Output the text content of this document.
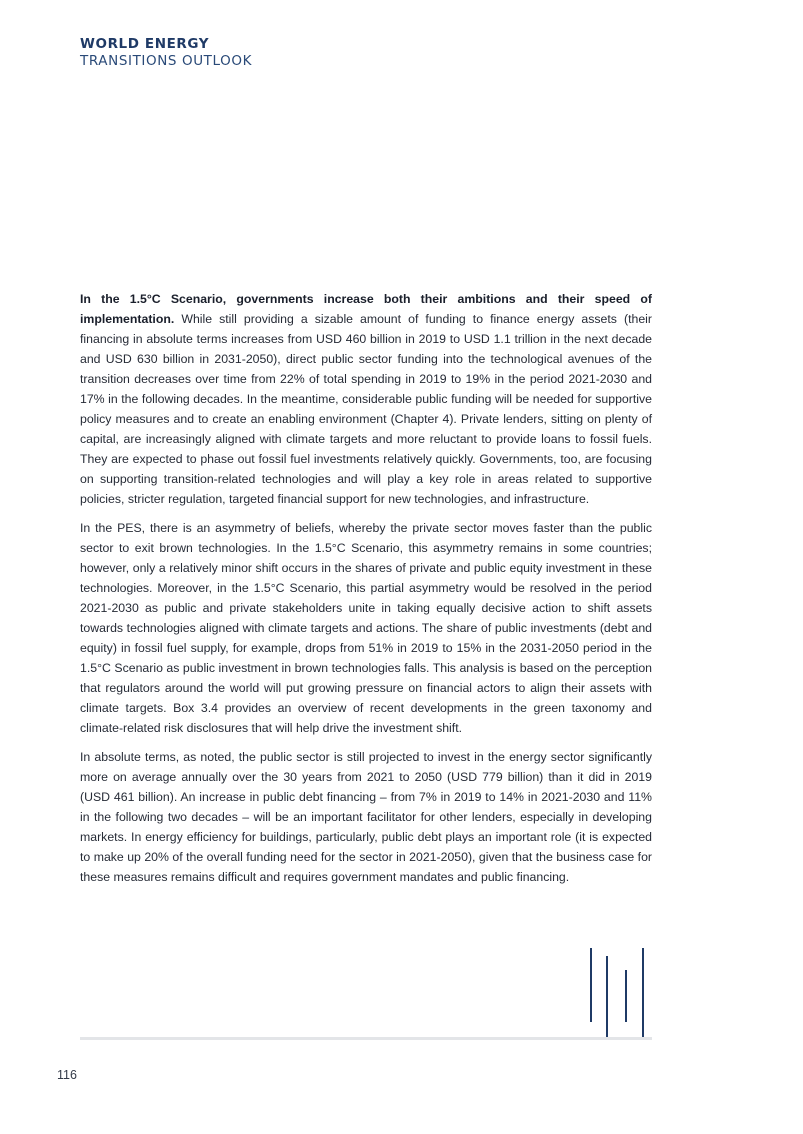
WORLD ENERGY
TRANSITIONS OUTLOOK

In the 1.5°C Scenario, governments increase both their ambitions and their speed of implementation. While still providing a sizable amount of funding to finance energy assets (their financing in absolute terms increases from USD 460 billion in 2019 to USD 1.1 trillion in the next decade and USD 630 billion in 2031-2050), direct public sector funding into the technological avenues of the transition decreases over time from 22% of total spending in 2019 to 19% in the period 2021-2030 and 17% in the following decades. In the meantime, considerable public funding will be needed for supportive policy measures and to create an enabling environment (Chapter 4). Private lenders, sitting on plenty of capital, are increasingly aligned with climate targets and more reluctant to provide loans to fossil fuels. They are expected to phase out fossil fuel investments relatively quickly. Governments, too, are focusing on supporting transition-related technologies and will play a key role in areas related to supportive policies, stricter regulation, targeted financial support for new technologies, and infrastructure.

In the PES, there is an asymmetry of beliefs, whereby the private sector moves faster than the public sector to exit brown technologies. In the 1.5°C Scenario, this asymmetry remains in some countries; however, only a relatively minor shift occurs in the shares of private and public equity investment in these technologies. Moreover, in the 1.5°C Scenario, this partial asymmetry would be resolved in the period 2021-2030 as public and private stakeholders unite in taking equally decisive action to shift assets towards technologies aligned with climate targets and actions. The share of public investments (debt and equity) in fossil fuel supply, for example, drops from 51% in 2019 to 15% in the 2031-2050 period in the 1.5°C Scenario as public investment in brown technologies falls. This analysis is based on the perception that regulators around the world will put growing pressure on financial actors to align their assets with climate targets. Box 3.4 provides an overview of recent developments in the green taxonomy and climate-related risk disclosures that will help drive the investment shift.

In absolute terms, as noted, the public sector is still projected to invest in the energy sector significantly more on average annually over the 30 years from 2021 to 2050 (USD 779 billion) than it did in 2019 (USD 461 billion). An increase in public debt financing – from 7% in 2019 to 14% in 2021-2030 and 11% in the following two decades – will be an important facilitator for other lenders, especially in developing markets. In energy efficiency for buildings, particularly, public debt plays an important role (it is expected to make up 20% of the overall funding need for the sector in 2021-2050), given that the business case for these measures remains difficult and requires government mandates and public financing.

116
